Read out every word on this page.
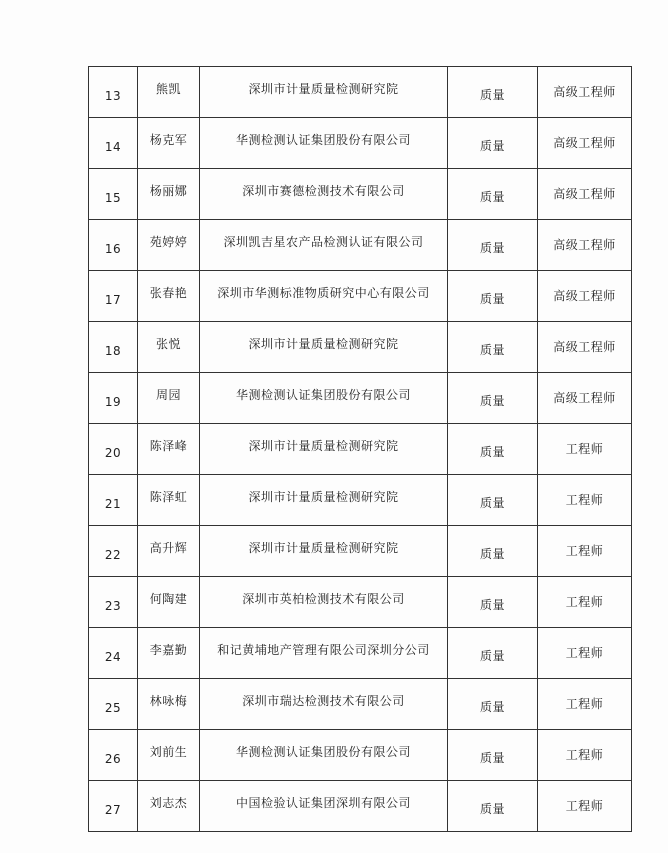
13	熊凯	深圳市计量质量检测研究院	质量	高级工程师
14	杨克军	华测检测认证集团股份有限公司	质量	高级工程师
15	杨丽娜	深圳市赛德检测技术有限公司	质量	高级工程师
16	苑婷婷	深圳凯吉星农产品检测认证有限公司	质量	高级工程师
17	张春艳	深圳市华测标准物质研究中心有限公司	质量	高级工程师
18	张悦	深圳市计量质量检测研究院	质量	高级工程师
19	周园	华测检测认证集团股份有限公司	质量	高级工程师
20	陈泽峰	深圳市计量质量检测研究院	质量	工程师
21	陈泽虹	深圳市计量质量检测研究院	质量	工程师
22	高升辉	深圳市计量质量检测研究院	质量	工程师
23	何陶建	深圳市英柏检测技术有限公司	质量	工程师
24	李嘉勤	和记黄埔地产管理有限公司深圳分公司	质量	工程师
25	林咏梅	深圳市瑞达检测技术有限公司	质量	工程师
26	刘前生	华测检测认证集团股份有限公司	质量	工程师
27	刘志杰	中国检验认证集团深圳有限公司	质量	工程师
